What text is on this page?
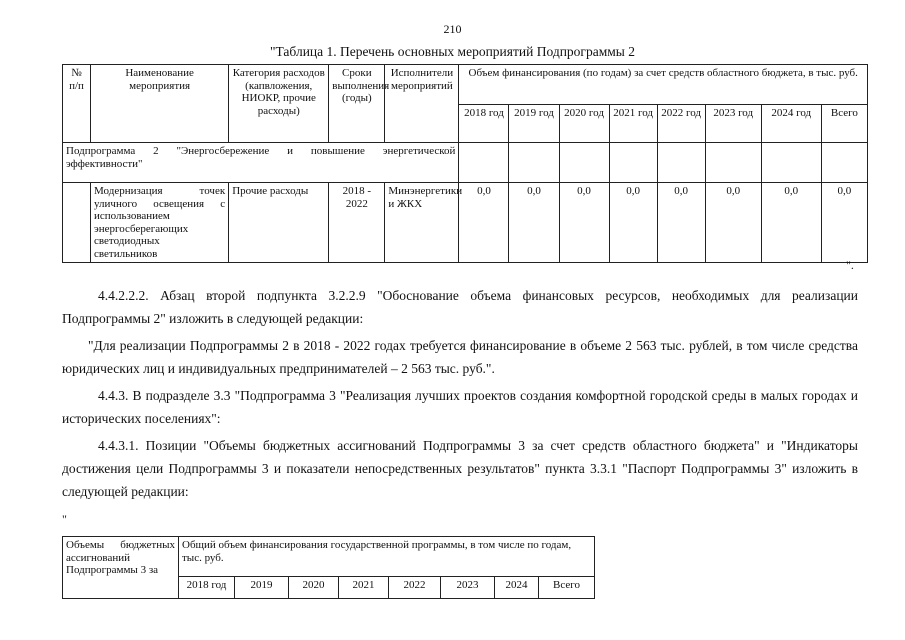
210
"Таблица 1. Перечень основных мероприятий Подпрограммы 2
№ п/п	Наименование мероприятия	Категория расходов (капвложения, НИОКР, прочие расходы)	Сроки выполнения (годы)	Исполнители мероприятий	Объем финансирования (по годам) за счет средств областного бюджета, в тыс. руб.							
					2018 год	2019 год	2020 год	2021 год	2022 год	2023 год	2024 год	Всего
Подпрограмма 2 "Энергосбережение и повышение энергетической эффективности"												
	Модернизация точек уличного освещения с использованием энергосберегающих светодиодных светильников	Прочие расходы	2018 - 2022	Минэнергетики и ЖКХ	0,0	0,0	0,0	0,0	0,0	0,0	0,0	0,0
".
4.4.2.2.2. Абзац второй подпункта 3.2.2.9 "Обоснование объема финансовых ресурсов, необходимых для реализации Подпрограммы 2" изложить в следующей редакции:
"Для реализации Подпрограммы 2 в 2018 - 2022 годах требуется финансирование в объеме 2 563 тыс. рублей, в том числе средства юридических лиц и индивидуальных предпринимателей – 2 563 тыс. руб.".
4.4.3. В подразделе 3.3 "Подпрограмма 3 "Реализация лучших проектов создания комфортной городской среды в малых городах и исторических поселениях":
4.4.3.1. Позиции "Объемы бюджетных ассигнований Подпрограммы 3 за счет средств областного бюджета" и "Индикаторы достижения цели Подпрограммы 3 и показатели непосредственных результатов" пункта 3.3.1 "Паспорт Подпрограммы 3" изложить в следующей редакции:
"
Объемы бюджетных ассигнований Подпрограммы 3 за	Общий объем финансирования государственной программы, в том числе по годам, тыс. руб.							
	2018 год	2019	2020	2021	2022	2023	2024	Всего
